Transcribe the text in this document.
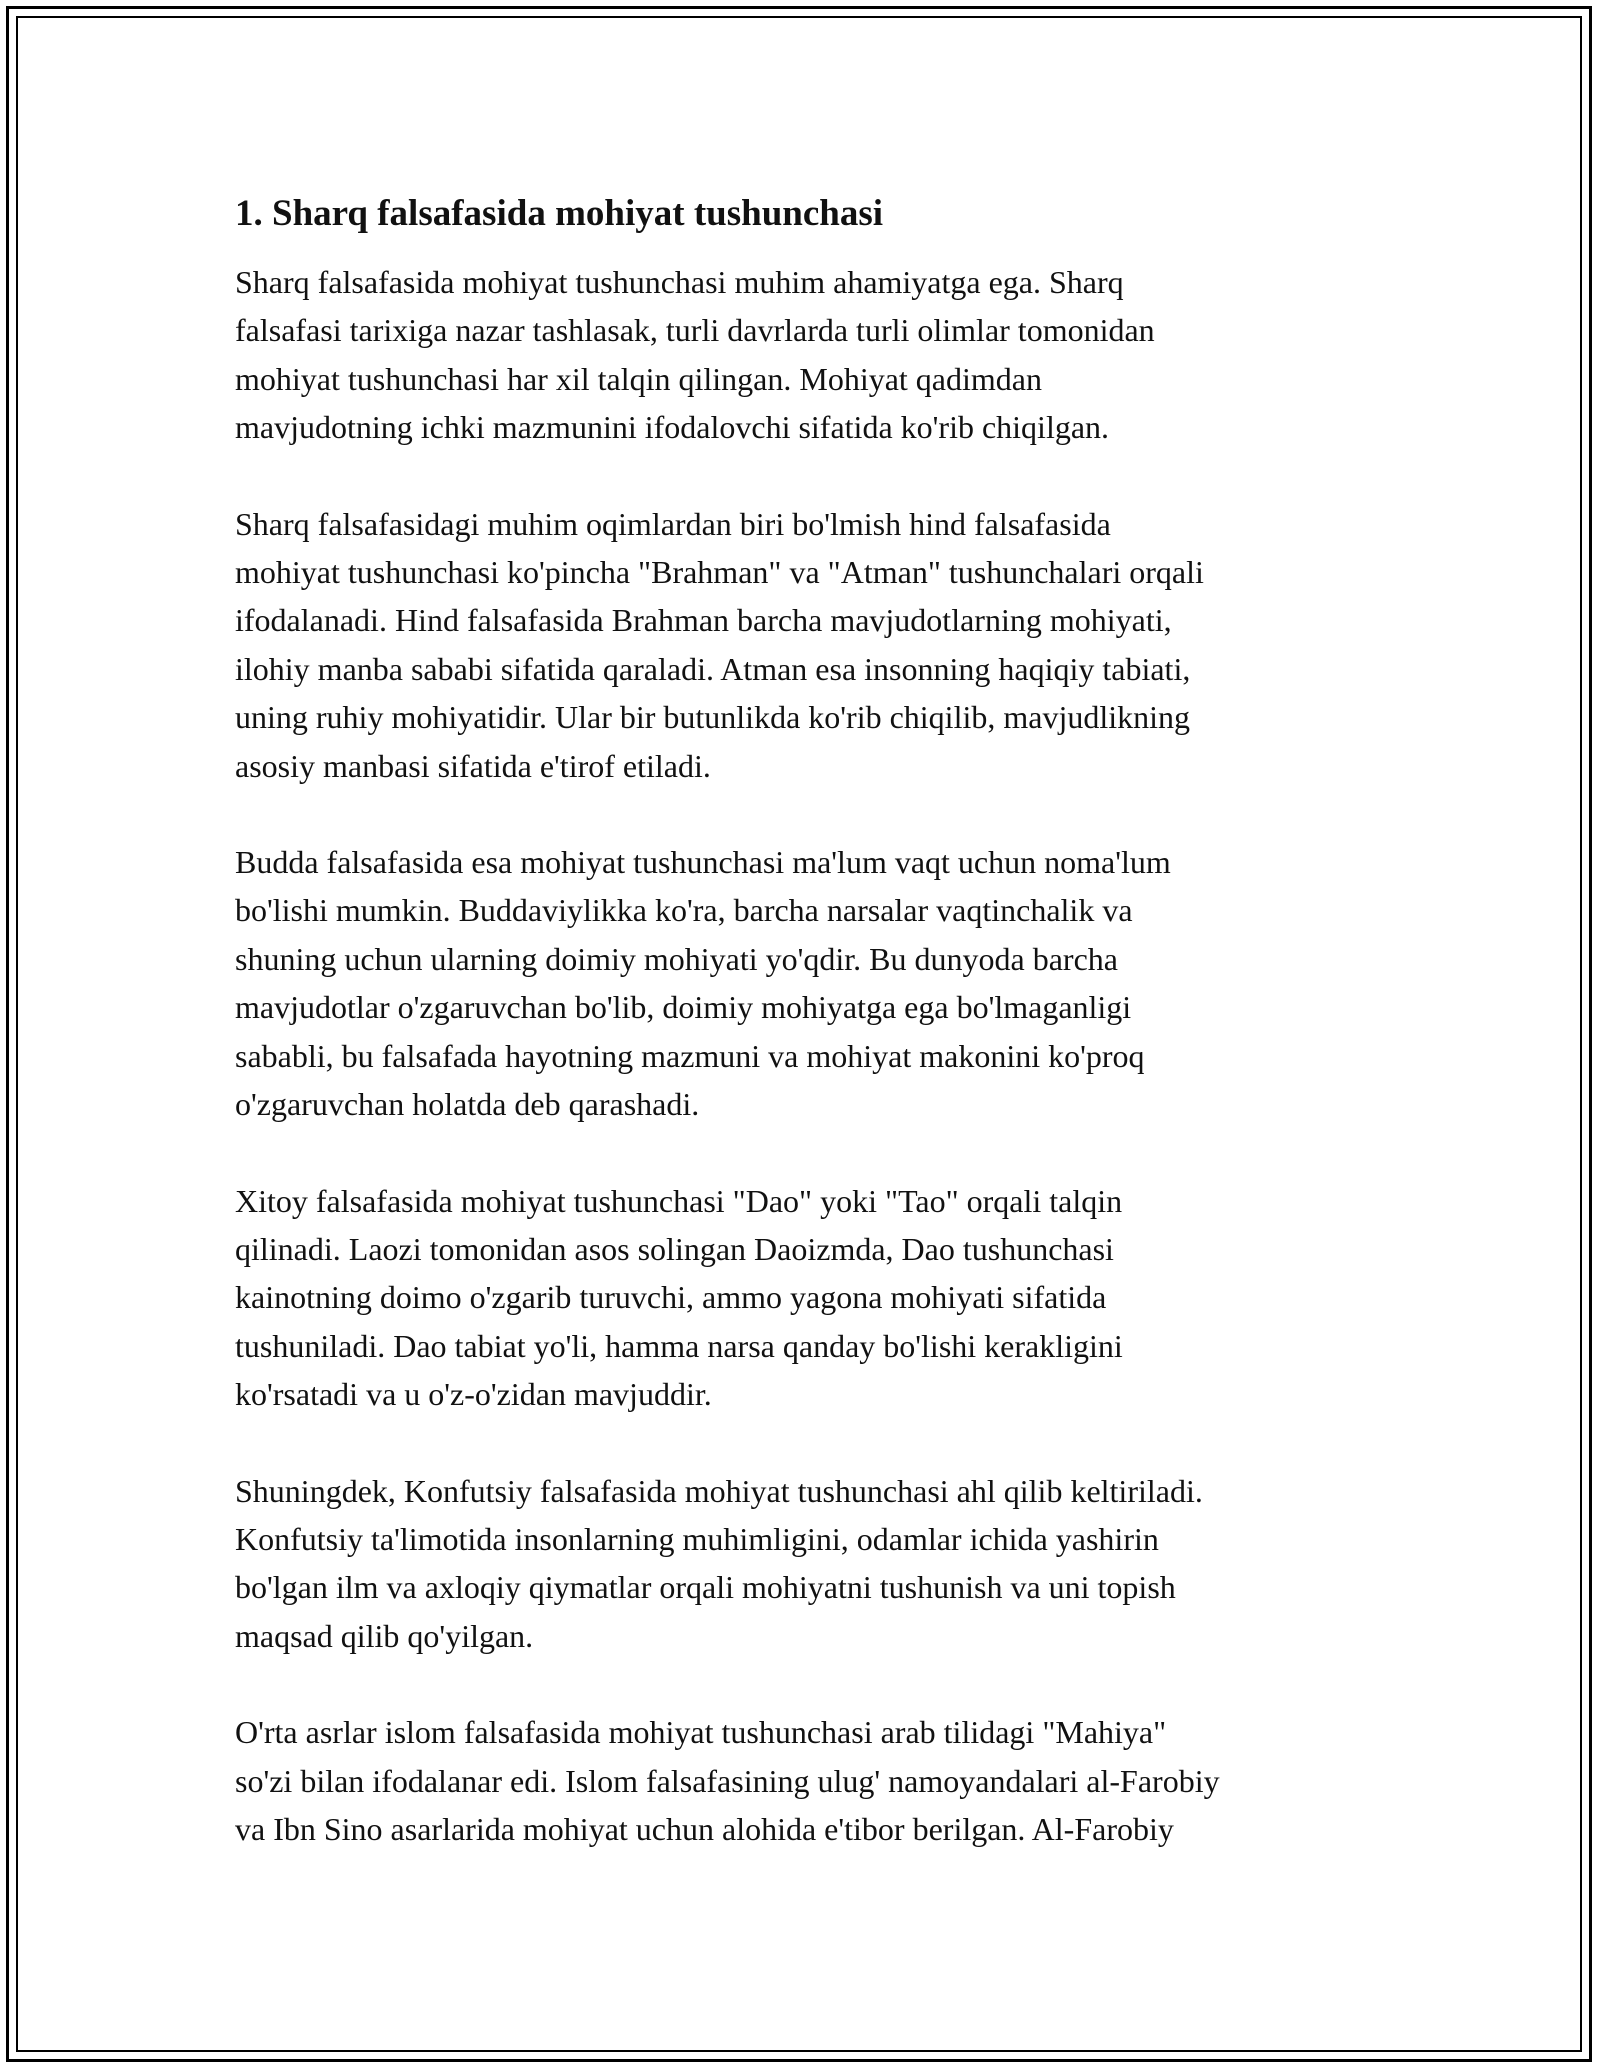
1. Sharq falsafasida mohiyat tushunchasi

Sharq falsafasida mohiyat tushunchasi muhim ahamiyatga ega. Sharq
falsafasi tarixiga nazar tashlasak, turli davrlarda turli olimlar tomonidan
mohiyat tushunchasi har xil talqin qilingan. Mohiyat qadimdan
mavjudotning ichki mazmunini ifodalovchi sifatida ko'rib chiqilgan.

Sharq falsafasidagi muhim oqimlardan biri bo'lmish hind falsafasida
mohiyat tushunchasi ko'pincha "Brahman" va "Atman" tushunchalari orqali
ifodalanadi. Hind falsafasida Brahman barcha mavjudotlarning mohiyati,
ilohiy manba sababi sifatida qaraladi. Atman esa insonning haqiqiy tabiati,
uning ruhiy mohiyatidir. Ular bir butunlikda ko'rib chiqilib, mavjudlikning
asosiy manbasi sifatida e'tirof etiladi.

Budda falsafasida esa mohiyat tushunchasi ma'lum vaqt uchun noma'lum
bo'lishi mumkin. Buddaviylikka ko'ra, barcha narsalar vaqtinchalik va
shuning uchun ularning doimiy mohiyati yo'qdir. Bu dunyoda barcha
mavjudotlar o'zgaruvchan bo'lib, doimiy mohiyatga ega bo'lmaganligi
sababli, bu falsafada hayotning mazmuni va mohiyat makonini ko'proq
o'zgaruvchan holatda deb qarashadi.

Xitoy falsafasida mohiyat tushunchasi "Dao" yoki "Tao" orqali talqin
qilinadi. Laozi tomonidan asos solingan Daoizmda, Dao tushunchasi
kainotning doimo o'zgarib turuvchi, ammo yagona mohiyati sifatida
tushuniladi. Dao tabiat yo'li, hamma narsa qanday bo'lishi kerakligini
ko'rsatadi va u o'z-o'zidan mavjuddir.

Shuningdek, Konfutsiy falsafasida mohiyat tushunchasi ahl qilib keltiriladi.
Konfutsiy ta'limotida insonlarning muhimligini, odamlar ichida yashirin
bo'lgan ilm va axloqiy qiymatlar orqali mohiyatni tushunish va uni topish
maqsad qilib qo'yilgan.

O'rta asrlar islom falsafasida mohiyat tushunchasi arab tilidagi "Mahiya"
so'zi bilan ifodalanar edi. Islom falsafasining ulug' namoyandalari al-Farobiy
va Ibn Sino asarlarida mohiyat uchun alohida e'tibor berilgan. Al-Farobiy
